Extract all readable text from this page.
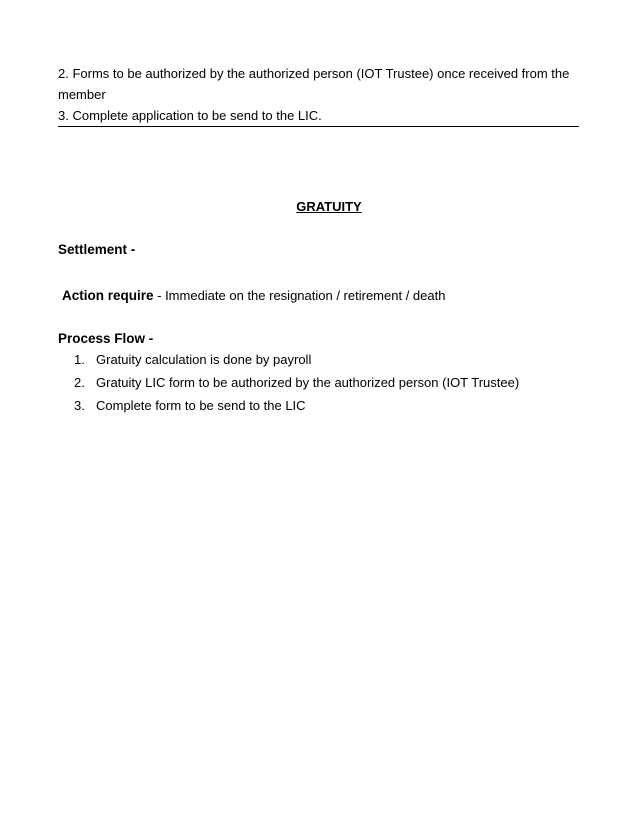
2. Forms to be authorized by the authorized person (IOT Trustee) once received from the
member
3. Complete application to be send to the LIC.
GRATUITY
Settlement -
Action require - Immediate on the resignation / retirement / death
Process Flow -
1. Gratuity calculation is done by payroll
2. Gratuity LIC form to be authorized by the authorized person (IOT Trustee)
3. Complete form to be send to the LIC
